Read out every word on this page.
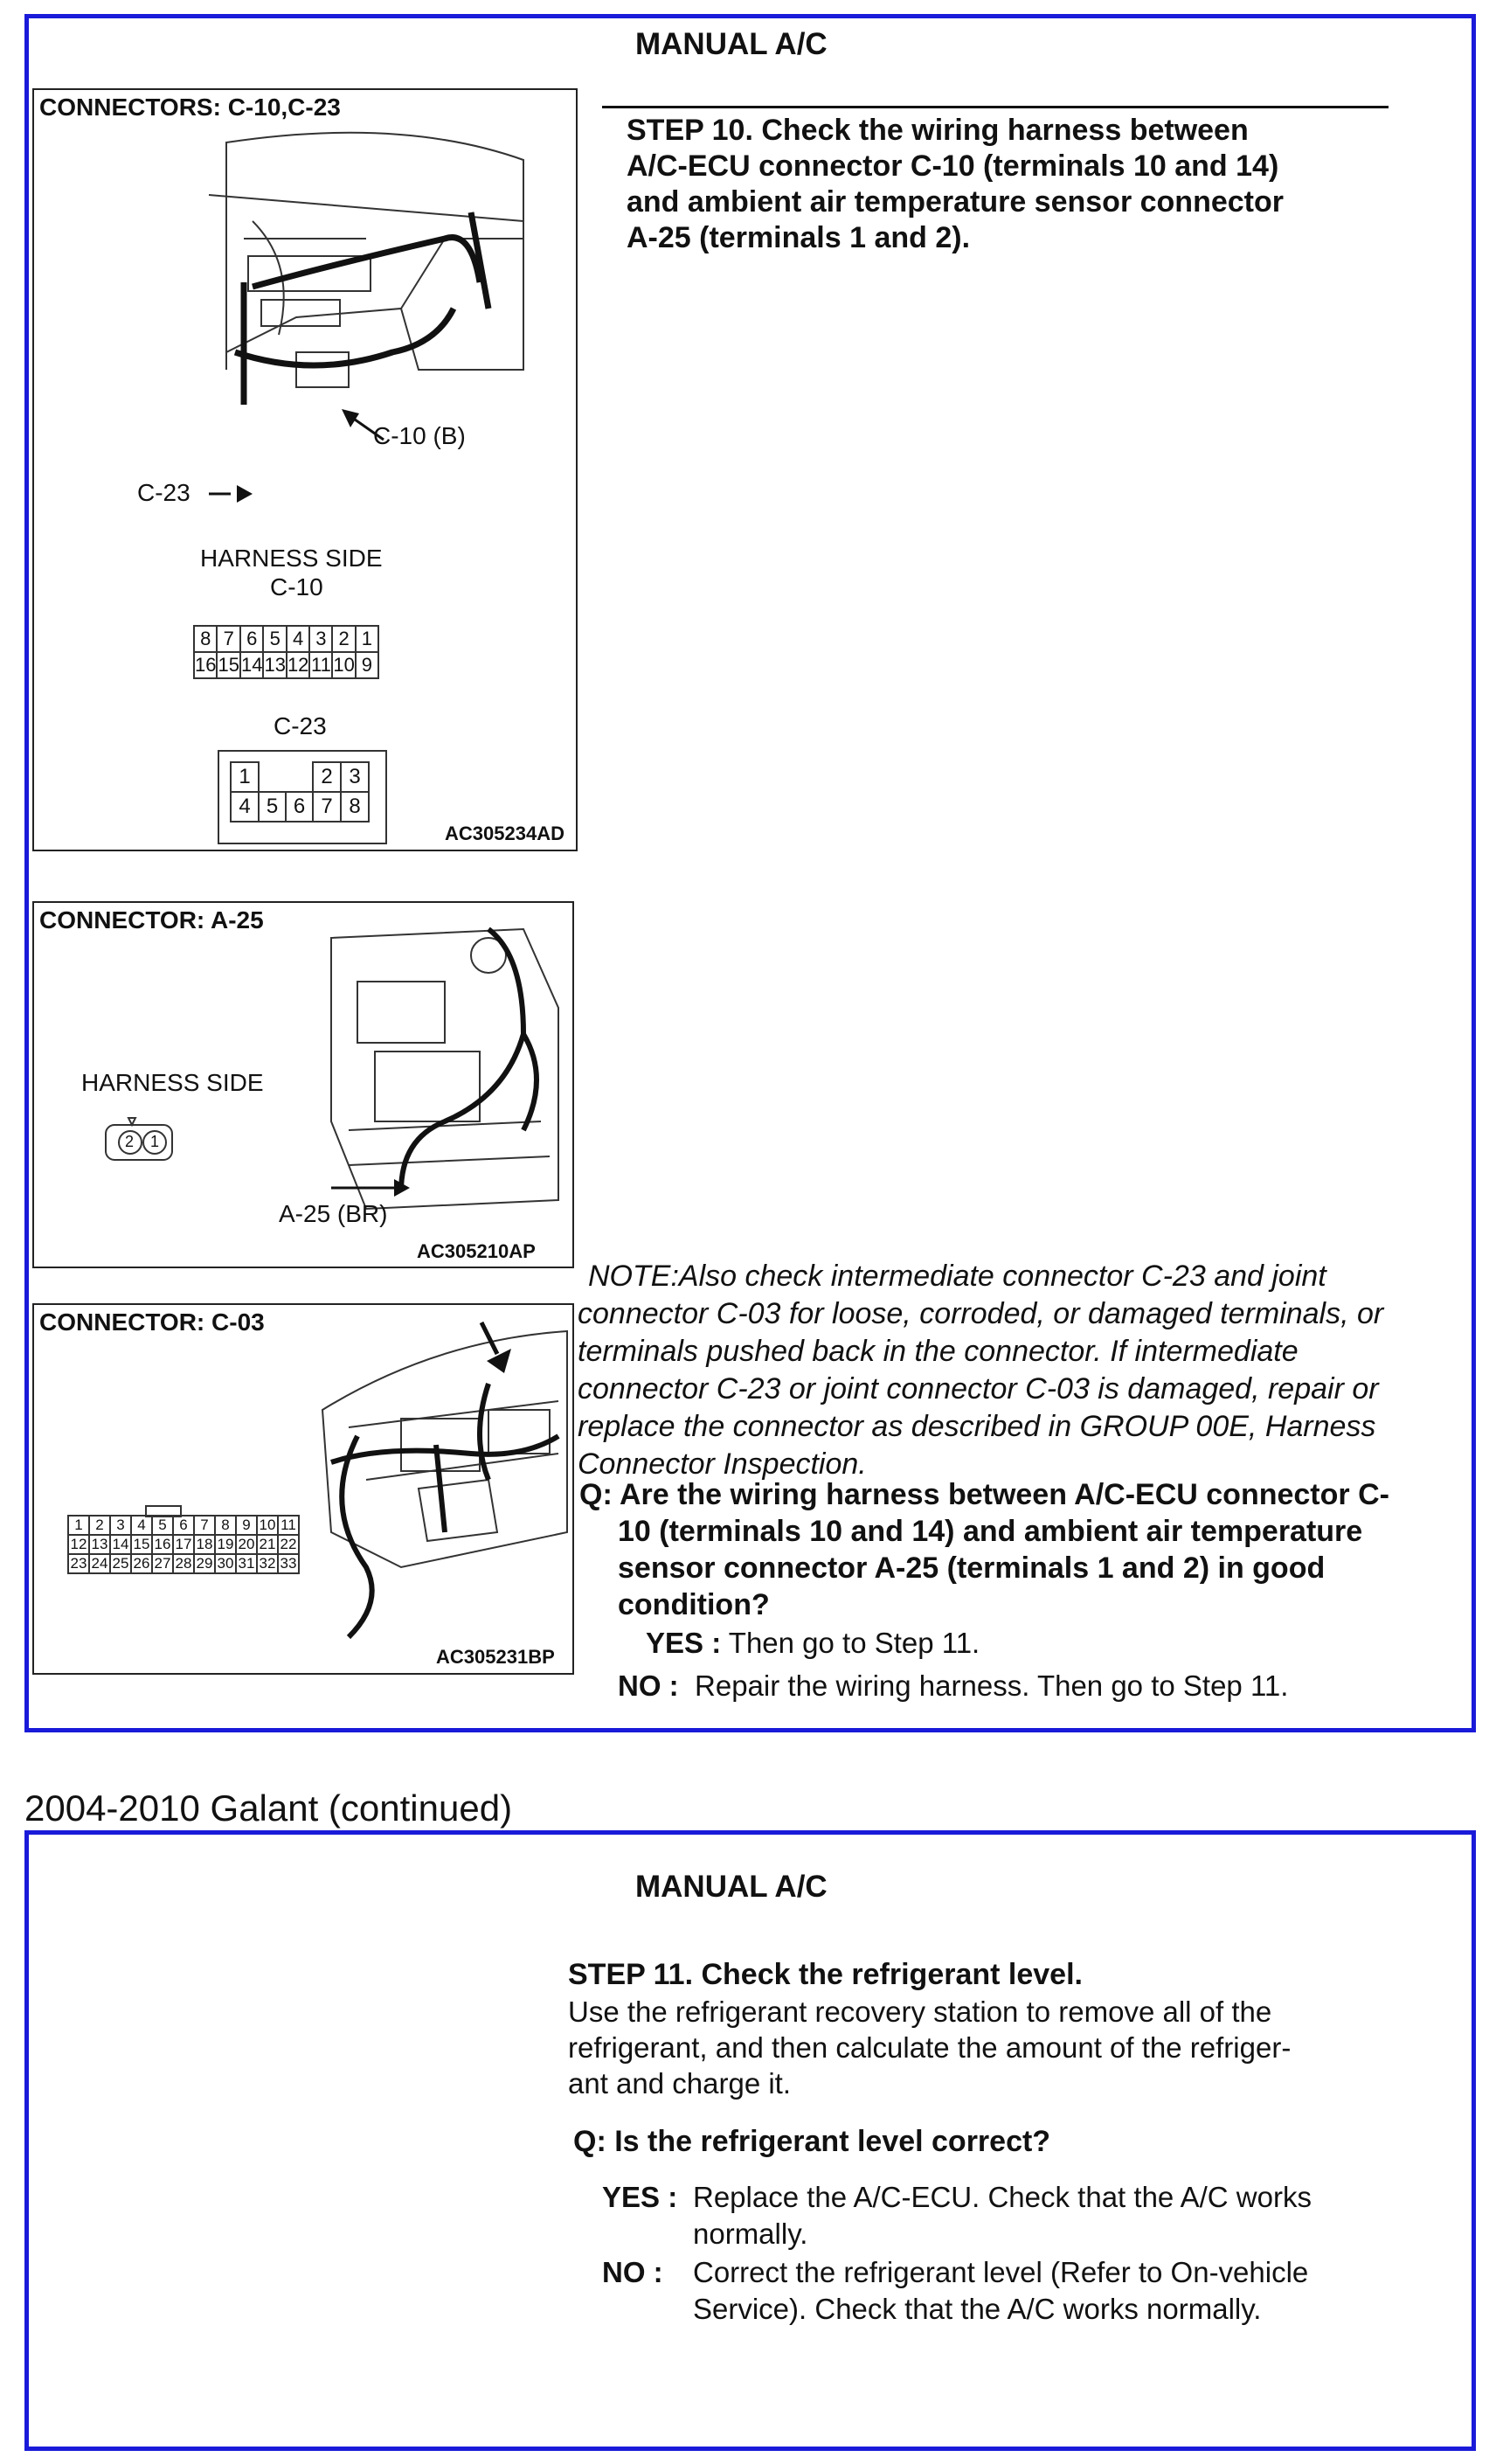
MANUAL A/C
CONNECTORS: C-10,C-23
C-10 (B)
C-23
HARNESS SIDE
C-10
8	7	6	5	4	3	2	1
16	15	14	13	12	11	10	9
C-23
1			2	3
4	5	6	7	8
AC305234AD
CONNECTOR: A-25
HARNESS SIDE
2 1
A-25 (BR)
AC305210AP
CONNECTOR: C-03
1	2	3	4	5	6	7	8	9	10	11
12	13	14	15	16	17	18	19	20	21	22
23	24	25	26	27	28	29	30	31	32	33
AC305231BP
STEP 10. Check the wiring harness between
A/C-ECU connector C-10 (terminals 10 and 14)
and ambient air temperature sensor connector
A-25 (terminals 1 and 2).
NOTE:Also check intermediate connector C-23 and joint
connector C-03 for loose, corroded, or damaged terminals, or
terminals pushed back in the connector. If intermediate
connector C-23 or joint connector C-03 is damaged, repair or
replace the connector as described in GROUP 00E, Harness
Connector Inspection.
Q: Are the wiring harness between A/C-ECU connector C-
10 (terminals 10 and 14) and ambient air temperature
sensor connector A-25 (terminals 1 and 2) in good
condition?
YES : Then go to Step 11.
NO : Repair the wiring harness. Then go to Step 11.
2004-2010 Galant (continued)
MANUAL A/C
STEP 11. Check the refrigerant level.
Use the refrigerant recovery station to remove all of the
refrigerant, and then calculate the amount of the refriger-
ant and charge it.
Q: Is the refrigerant level correct?
YES : Replace the A/C-ECU. Check that the A/C works
normally.
NO :	Correct the refrigerant level (Refer to On-vehicle
Service). Check that the A/C works normally.
